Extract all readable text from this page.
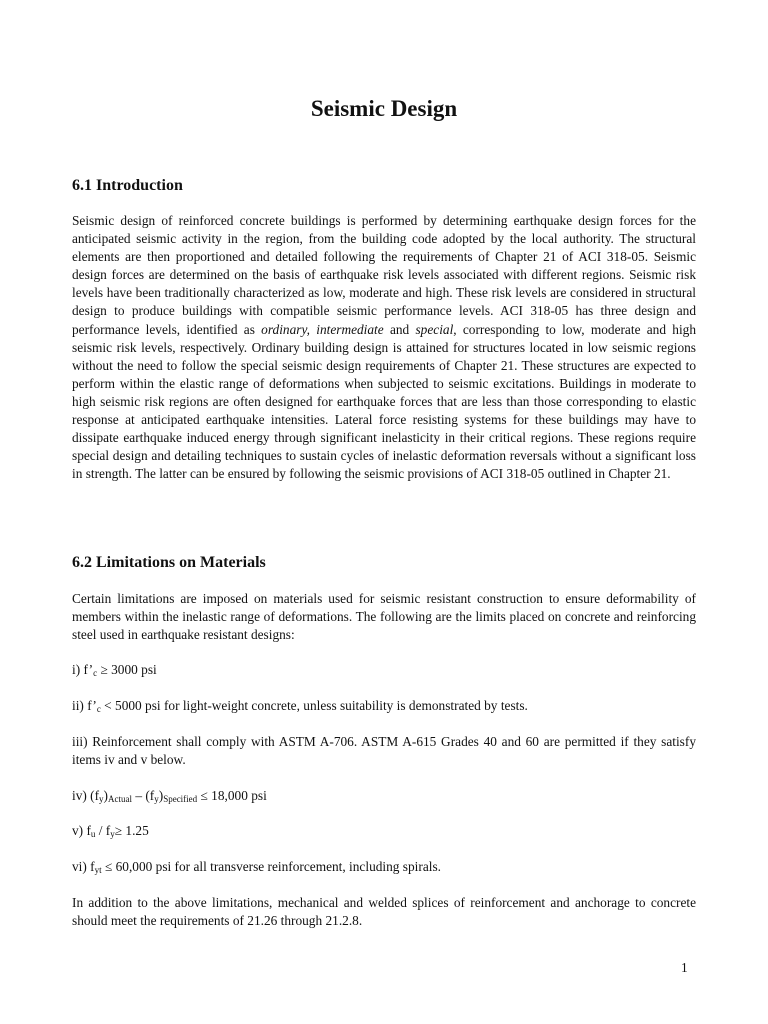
Seismic Design
6.1 Introduction

Seismic design of reinforced concrete buildings is performed by determining earthquake design forces for the anticipated seismic activity in the region, from the building code adopted by the local authority. The structural elements are then proportioned and detailed following the requirements of Chapter 21 of ACI 318-05. Seismic design forces are determined on the basis of earthquake risk levels associated with different regions. Seismic risk levels have been traditionally characterized as low, moderate and high. These risk levels are considered in structural design to produce buildings with compatible seismic performance levels. ACI 318-05 has three design and performance levels, identified as ordinary, intermediate and special, corresponding to low, moderate and high seismic risk levels, respectively. Ordinary building design is attained for structures located in low seismic regions without the need to follow the special seismic design requirements of Chapter 21. These structures are expected to perform within the elastic range of deformations when subjected to seismic excitations. Buildings in moderate to high seismic risk regions are often designed for earthquake forces that are less than those corresponding to elastic response at anticipated earthquake intensities. Lateral force resisting systems for these buildings may have to dissipate earthquake induced energy through significant inelasticity in their critical regions. These regions require special design and detailing techniques to sustain cycles of inelastic deformation reversals without a significant loss in strength. The latter can be ensured by following the seismic provisions of ACI 318-05 outlined in Chapter 21.

6.2 Limitations on Materials

Certain limitations are imposed on materials used for seismic resistant construction to ensure deformability of members within the inelastic range of deformations. The following are the limits placed on concrete and reinforcing steel used in earthquake resistant designs:

i) $f’_c \ge 3000$ psi

ii) $f’_c < 5000$ psi for light-weight concrete, unless suitability is demonstrated by tests.

iii) Reinforcement shall comply with ASTM A-706. ASTM A-615 Grades 40 and 60 are permitted if they satisfy items iv and v below.

iv) $(f_y)_{Actual} - (f_y)_{Specified} \le 18,000$ psi

v) $f_u / f_y\ge 1.25$

vi) $f_{yt} \le 60,000$ psi for all transverse reinforcement, including spirals.

In addition to the above limitations, mechanical and welded splices of reinforcement and anchorage to concrete should meet the requirements of 21.26 through 21.2.8.

1
